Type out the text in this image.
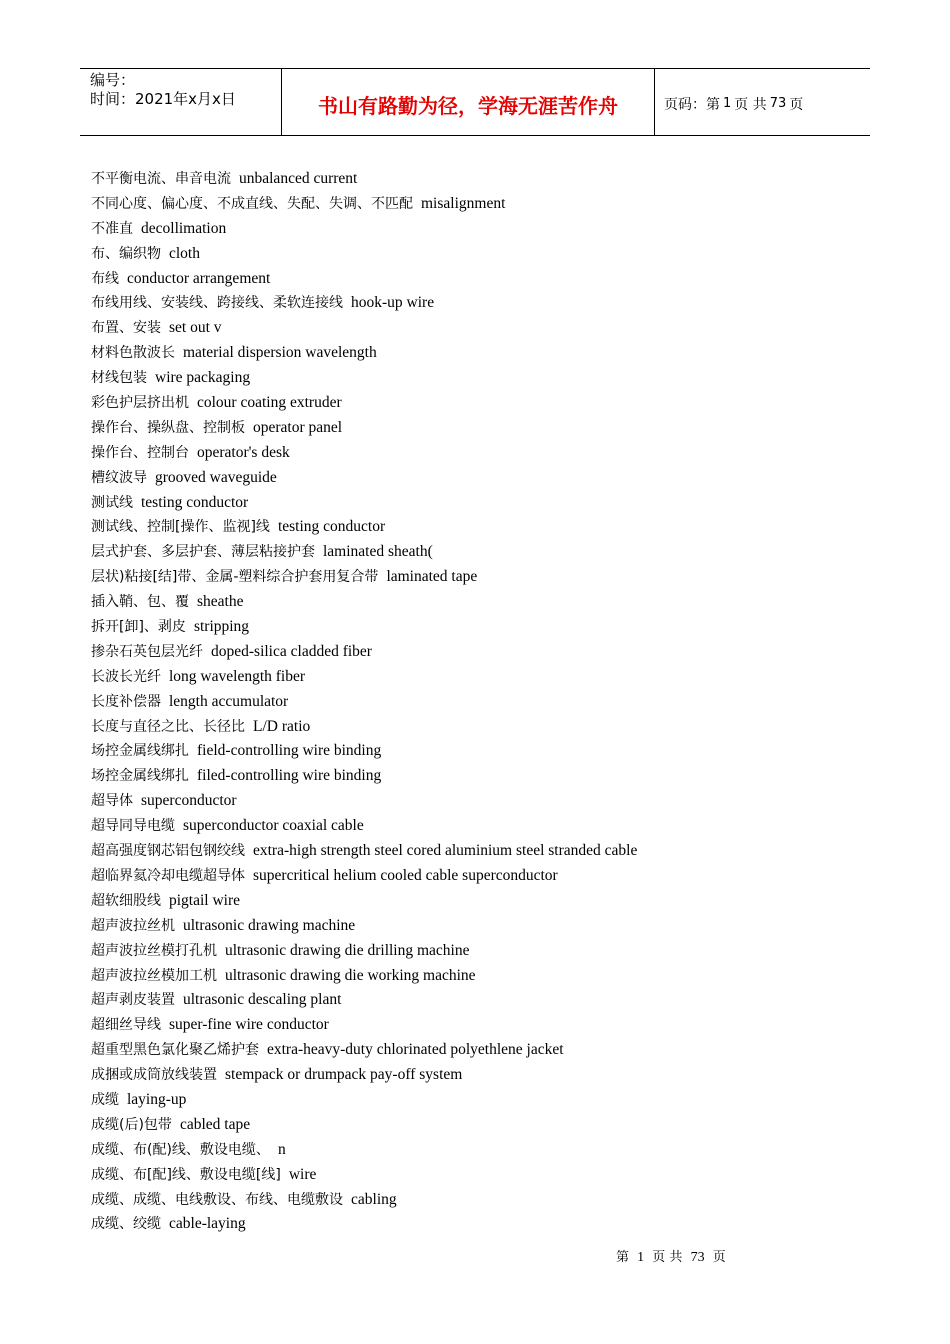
编号：
时间：2021年x月x日	书山有路勤为径，学海无涯苦作舟	页码：第 1 页 共 73 页
不平衡电流、串音电流 unbalanced current
不同心度、偏心度、不成直线、失配、失调、不匹配 misalignment
不准直 decollimation
布、编织物 cloth
布线 conductor arrangement
布线用线、安装线、跨接线、柔软连接线 hook-up wire
布置、安装 set out v
材料色散波长 material dispersion wavelength
材线包装 wire packaging
彩色护层挤出机 colour coating extruder
操作台、操纵盘、控制板 operator panel
操作台、控制台 operator's desk
槽纹波导 grooved waveguide
测试线 testing conductor
测试线、控制[操作、监视]线 testing conductor
层式护套、多层护套、薄层粘接护套 laminated sheath(
层状)粘接[结]带、金属-塑料综合护套用复合带 laminated tape
插入鞘、包、覆 sheathe
拆开[卸]、剥皮 stripping
掺杂石英包层光纤 doped-silica cladded fiber
长波长光纤 long wavelength fiber
长度补偿器 length accumulator
长度与直径之比、长径比 L/D ratio
场控金属线绑扎 field-controlling wire binding
场控金属线绑扎 filed-controlling wire binding
超导体 superconductor
超导同导电缆 superconductor coaxial cable
超高强度钢芯铝包钢绞线 extra-high strength steel cored aluminium steel stranded cable
超临界氦冷却电缆超导体 supercritical helium cooled cable superconductor
超软细股线 pigtail wire
超声波拉丝机 ultrasonic drawing machine
超声波拉丝模打孔机 ultrasonic drawing die drilling machine
超声波拉丝模加工机 ultrasonic drawing die working machine
超声剥皮装置 ultrasonic descaling plant
超细丝导线 super-fine wire conductor
超重型黑色氯化聚乙烯护套 extra-heavy-duty chlorinated polyethlene jacket
成捆或成筒放线装置 stempack or drumpack pay-off system
成缆 laying-up
成缆(后)包带 cabled tape
成缆、布(配)线、敷设电缆、 n
成缆、布[配]线、敷设电缆[线] wire
成缆、成缆、电线敷设、布线、电缆敷设 cabling
成缆、绞缆 cable-laying
第 1 页 共 73 页
